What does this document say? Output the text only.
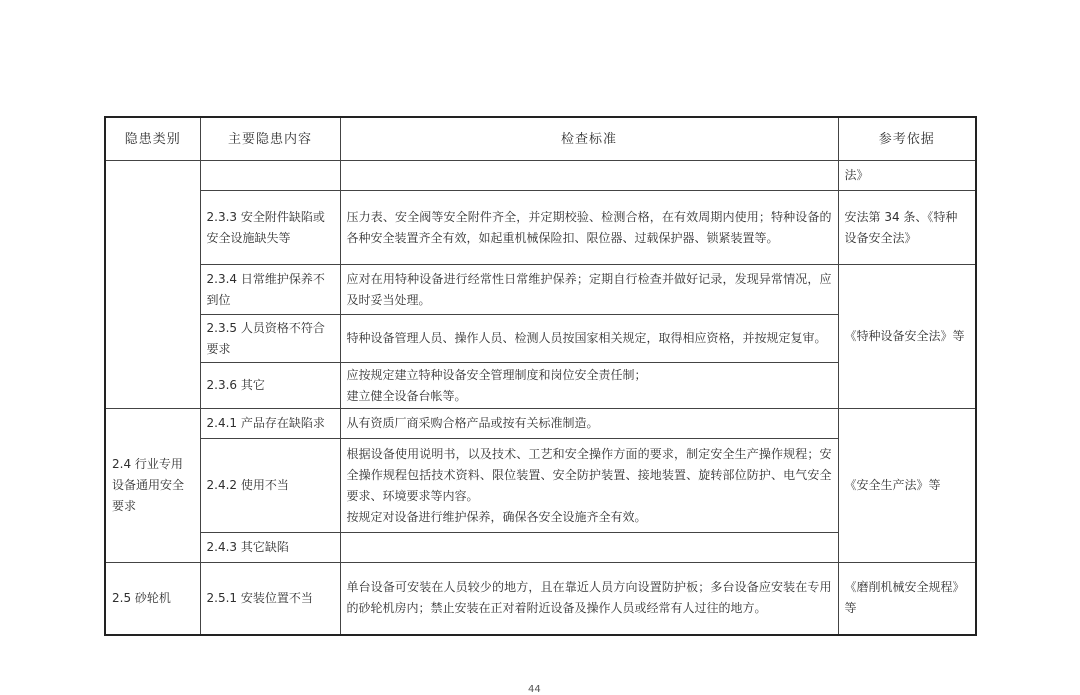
隐患类别	主要隐患内容	检查标准	参考依据
			法》
	2.3.3 安全附件缺陷或安全设施缺失等	压力表、安全阀等安全附件齐全，并定期校验、检测合格，在有效周期内使用；特种设备的各种安全装置齐全有效，如起重机械保险扣、限位器、过载保护器、锁紧装置等。	安法第 34 条、《特种设备安全法》
	2.3.4 日常维护保养不到位	应对在用特种设备进行经常性日常维护保养；定期自行检查并做好记录，发现异常情况，应及时妥当处理。	《特种设备安全法》等
	2.3.5 人员资格不符合要求	特种设备管理人员、操作人员、检测人员按国家相关规定，取得相应资格，并按规定复审。	
	2.3.6 其它	应按规定建立特种设备安全管理制度和岗位安全责任制；
建立健全设备台帐等。	

2.4 行业专用设备通用安全要求	2.4.1 产品存在缺陷求	从有资质厂商采购合格产品或按有关标准制造。	《安全生产法》等
	2.4.2 使用不当	根据设备使用说明书，以及技术、工艺和安全操作方面的要求，制定安全生产操作规程；安全操作规程包括技术资料、限位装置、安全防护装置、接地装置、旋转部位防护、电气安全要求、环境要求等内容。
按规定对设备进行维护保养，确保各安全设施齐全有效。	

	2.4.3 其它缺陷		
2.5 砂轮机	2.5.1 安装位置不当	单台设备可安装在人员较少的地方，且在靠近人员方向设置防护板；多台设备应安装在专用的砂轮机房内；禁止安装在正对着附近设备及操作人员或经常有人过往的地方。	《磨削机械安全规程》等
44
